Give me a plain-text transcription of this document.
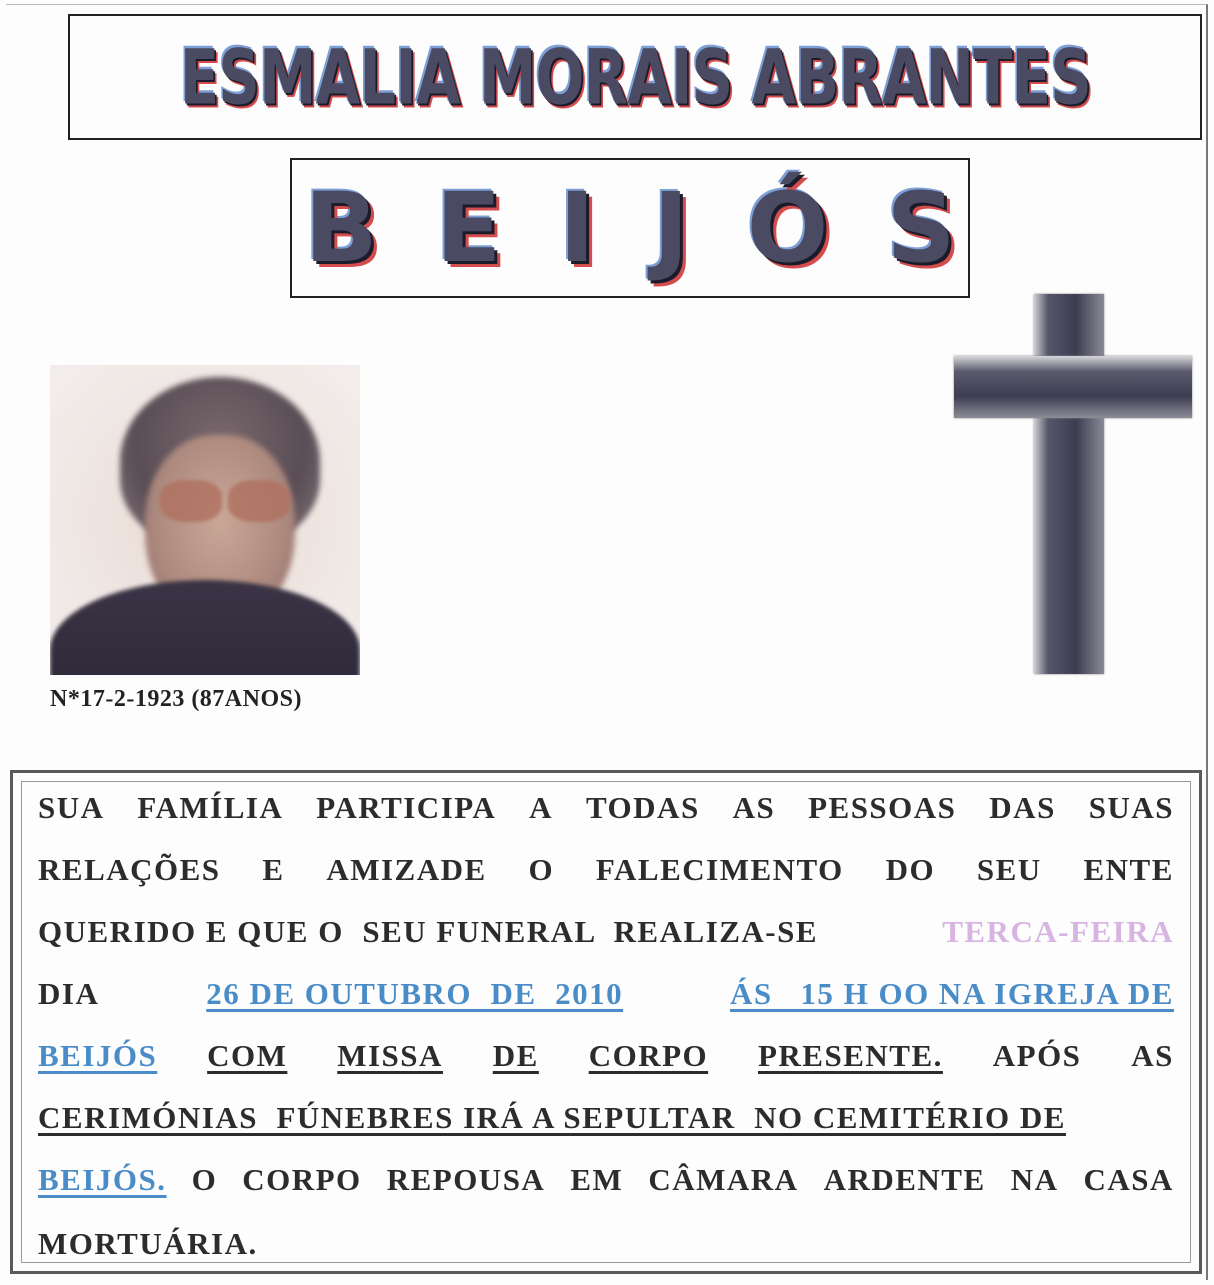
ESMALIA MORAIS ABRANTES
BEIJÓS
N*17-2-1923 (87ANOS)
SUA FAMÍLIA PARTICIPA A TODAS AS PESSOAS DAS SUAS
RELAÇÕES E AMIZADE O FALECIMENTO DO SEU ENTE
QUERIDO E QUE O  SEU FUNERAL  REALIZA-SE	TERCA-FEIRA
DIA	26 DE OUTUBRO  DE  2010	ÁS   15 H OO NA IGREJA DE
BEIJÓS COM MISSA DE CORPO PRESENTE. APÓS AS
CERIMÓNIAS  FÚNEBRES IRÁ A SEPULTAR  NO CEMITÉRIO DE
BEIJÓS. O CORPO REPOUSA EM CÂMARA ARDENTE NA CASA
MORTUÁRIA.
